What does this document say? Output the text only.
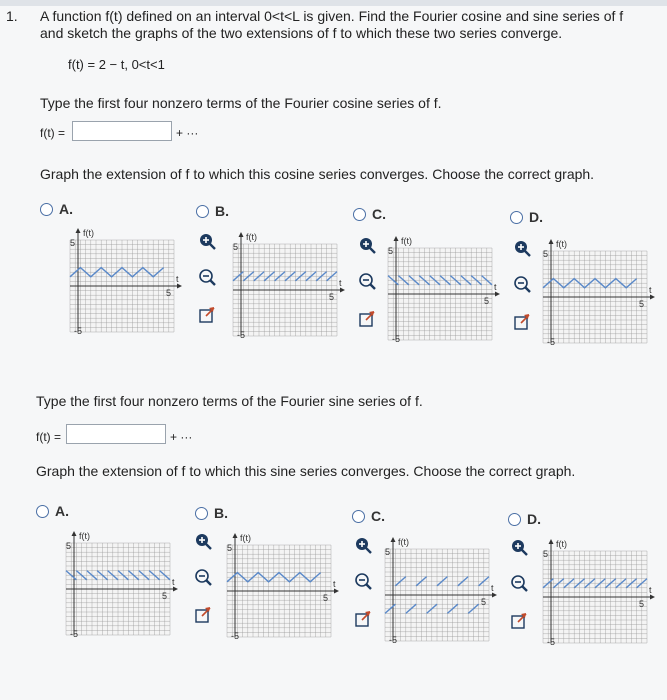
1. A function f(t) defined on an interval 0<t<L is given. Find the Fourier cosine and sine series of f and sketch the graphs of the two extensions of f to which these two series converge.
f(t) = 2 − t, 0<t<1
Type the first four nonzero terms of the Fourier cosine series of f.
f(t) =	+ ···
Graph the extension of f to which this cosine series converges. Choose the correct graph.
A.	B.	C.	D.
Type the first four nonzero terms of the Fourier sine series of f.
f(t) =	+ ···
Graph the extension of f to which this sine series converges. Choose the correct graph.
A.	B.	C.	D.
f(t)
t
5
-5
5
f(t)
t
5
-5
5
f(t)
t
5
-5
5
f(t)
t
5
-5
5
f(t)
t
5
-5
5
f(t)
t
5
-5
5
f(t)
t
5
-5
5
f(t)
t
5
-5
5
